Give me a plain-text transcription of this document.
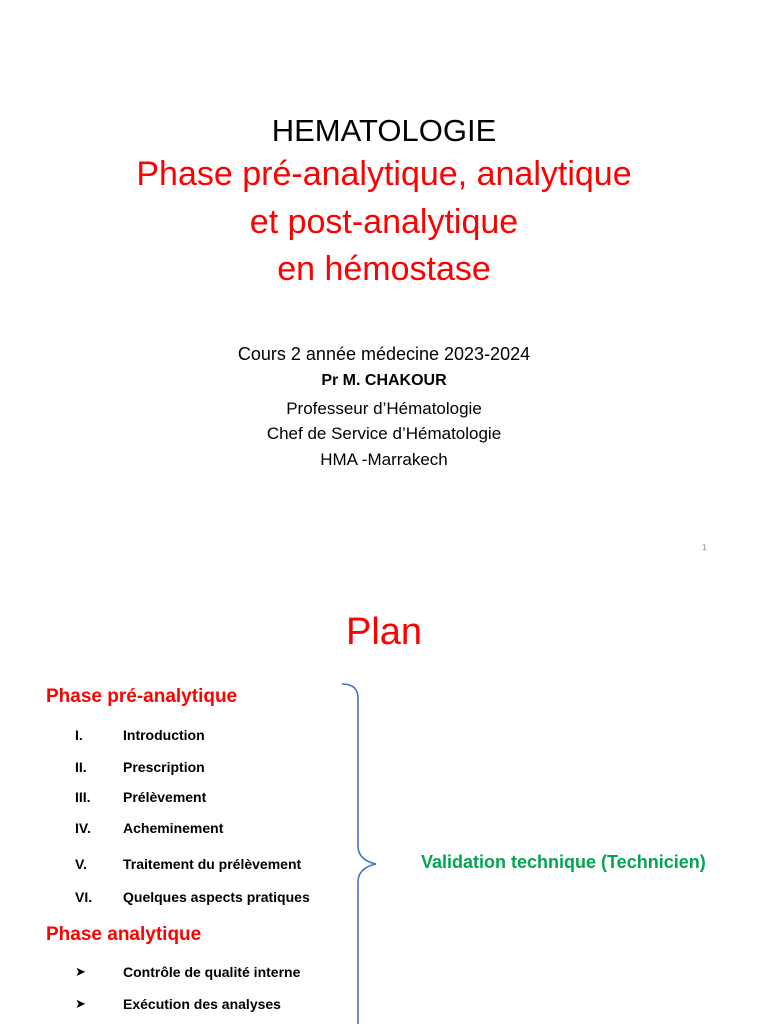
HEMATOLOGIE

Phase pré-analytique, analytique

et post-analytique

en hémostase

Cours 2 année médecine 2023-2024

Pr M. CHAKOUR

Professeur d’Hématologie

Chef de Service d’Hématologie

HMA -Marrakech

1

Plan

Phase pré-analytique

I.	Introduction
II.	Prescription
III. Prélèvement
IV. Acheminement
V.	Traitement du prélèvement
VI. Quelques aspects pratiques

Phase analytique

➤	Contrôle de qualité interne
➤	Exécution des analyses

Validation technique (Technicien)
